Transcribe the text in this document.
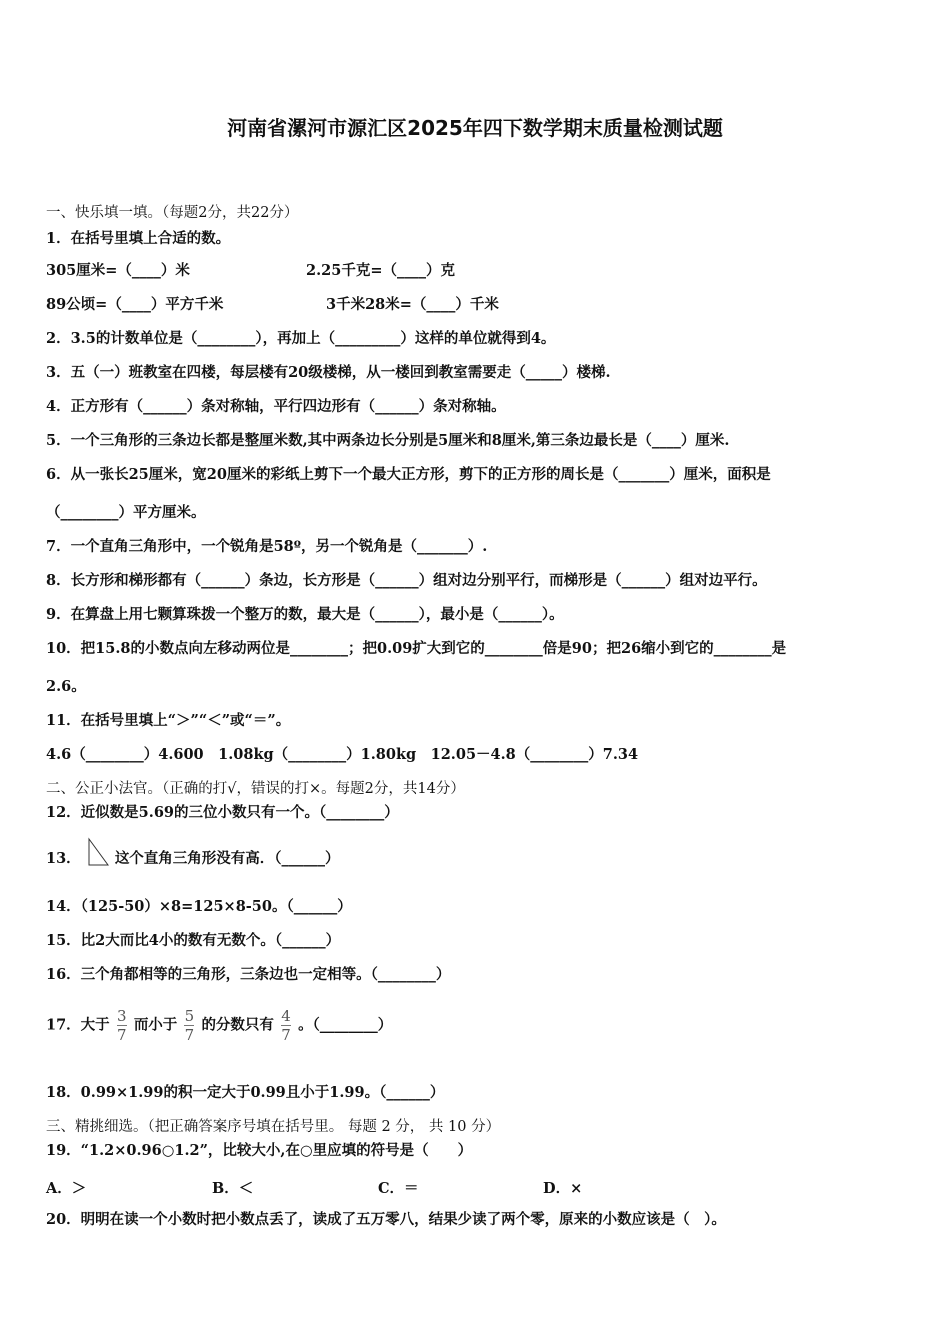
河南省漯河市源汇区2025年四下数学期末质量检测试题
一、快乐填一填。（每题2分，共22分）
1．在括号里填上合适的数。
305厘米=（____）米	2.25千克=（____）克
89公顷=（____）平方千米	3千米28米=（____）千米
2．3.5的计数单位是（________），再加上（_________）这样的单位就得到4。
3．五（一）班教室在四楼，每层楼有20级楼梯，从一楼回到教室需要走（_____）楼梯.
4．正方形有（______）条对称轴，平行四边形有（______）条对称轴。
5．一个三角形的三条边长都是整厘米数,其中两条边长分别是5厘米和8厘米,第三条边最长是（____）厘米.
6．从一张长25厘米，宽20厘米的彩纸上剪下一个最大正方形，剪下的正方形的周长是（_______）厘米，面积是
（________）平方厘米。
7．一个直角三角形中，一个锐角是58º，另一个锐角是（_______）.
8．长方形和梯形都有（______）条边，长方形是（______）组对边分别平行，而梯形是（______）组对边平行。
9．在算盘上用七颗算珠拨一个整万的数，最大是（______），最小是（______）。
10．把15.8的小数点向左移动两位是________；把0.09扩大到它的________倍是90；把26缩小到它的________是
2.6。
11．在括号里填上“＞”“＜”或“＝”。
4.6（________）4.600　1.08kg（________）1.80kg　12.05－4.8（________）7.34
二、公正小法官。（正确的打√，错误的打×。每题2分，共14分）
12．近似数是5.69的三位小数只有一个。（________）
13． 这个直角三角形没有高．（______）
14．（125-50）×8=125×8-50。（______）
15．比2大而比4小的数有无数个。（______）
16．三个角都相等的三角形，三条边也一定相等。（________）
17．大于 $\frac{3}{7}$ 而小于 $\frac{5}{7}$ 的分数只有 $\frac{4}{7}$ 。（________）
18．0.99×1.99的积一定大于0.99且小于1.99。（______）
三、精挑细选。（把正确答案序号填在括号里。 每题 2 分， 共 10 分）
19．“1.2×0.96○1.2”，比较大小,在○里应填的符号是（　　）
A．＞	B．＜	C．＝	D．×
20．明明在读一个小数时把小数点丢了，读成了五万零八，结果少读了两个零，原来的小数应该是（　）。
